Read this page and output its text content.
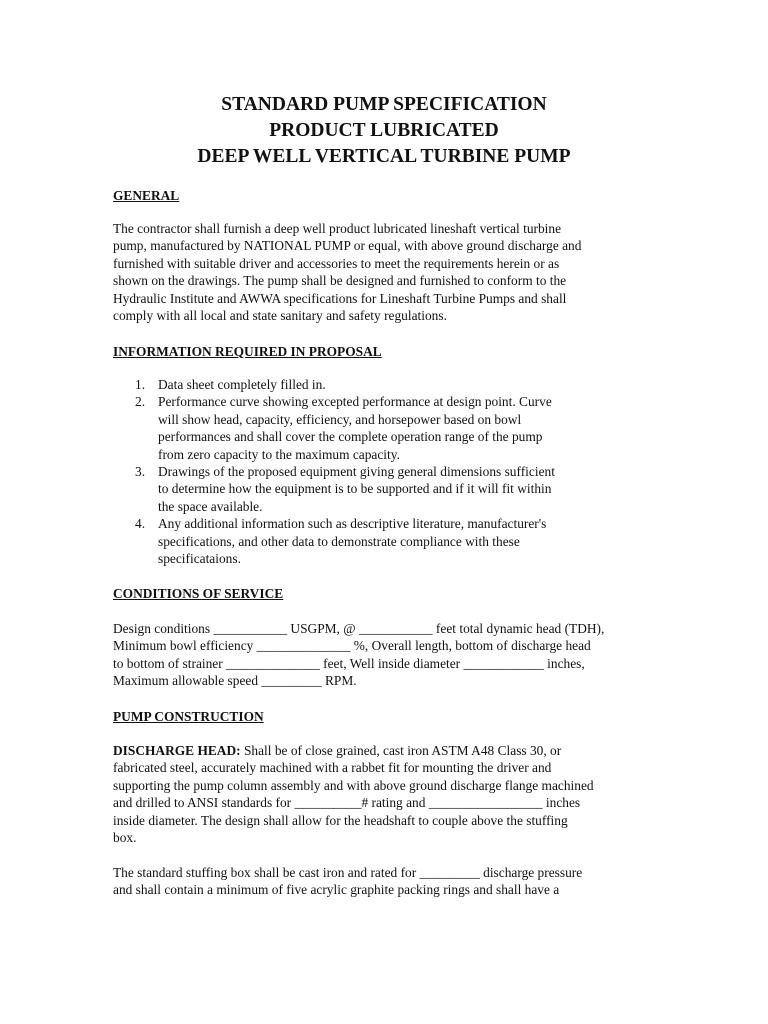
STANDARD PUMP SPECIFICATION
PRODUCT LUBRICATED
DEEP WELL VERTICAL TURBINE PUMP
GENERAL
The contractor shall furnish a deep well product lubricated lineshaft vertical turbine
pump, manufactured by NATIONAL PUMP or equal, with above ground discharge and
furnished with suitable driver and accessories to meet the requirements herein or as
shown on the drawings. The pump shall be designed and furnished to conform to the
Hydraulic Institute and AWWA specifications for Lineshaft Turbine Pumps and shall
comply with all local and state sanitary and safety regulations.
INFORMATION REQUIRED IN PROPOSAL
1. Data sheet completely filled in.
2. Performance curve showing excepted performance at design point. Curve
will show head, capacity, efficiency, and horsepower based on bowl
performances and shall cover the complete operation range of the pump
from zero capacity to the maximum capacity.
3. Drawings of the proposed equipment giving general dimensions sufficient
to determine how the equipment is to be supported and if it will fit within
the space available.
4. Any additional information such as descriptive literature, manufacturer's
specifications, and other data to demonstrate compliance with these
specificataions.
CONDITIONS OF SERVICE
Design conditions ___________ USGPM, @ ___________ feet total dynamic head (TDH),
Minimum bowl efficiency ______________ %, Overall length, bottom of discharge head
to bottom of strainer ______________ feet, Well inside diameter ____________ inches,
Maximum allowable speed _________ RPM.
PUMP CONSTRUCTION
DISCHARGE HEAD: Shall be of close grained, cast iron ASTM A48 Class 30, or
fabricated steel, accurately machined with a rabbet fit for mounting the driver and
supporting the pump column assembly and with above ground discharge flange machined
and drilled to ANSI standards for __________# rating and _________________ inches
inside diameter. The design shall allow for the headshaft to couple above the stuffing
box.
The standard stuffing box shall be cast iron and rated for _________ discharge pressure
and shall contain a minimum of five acrylic graphite packing rings and shall have a
